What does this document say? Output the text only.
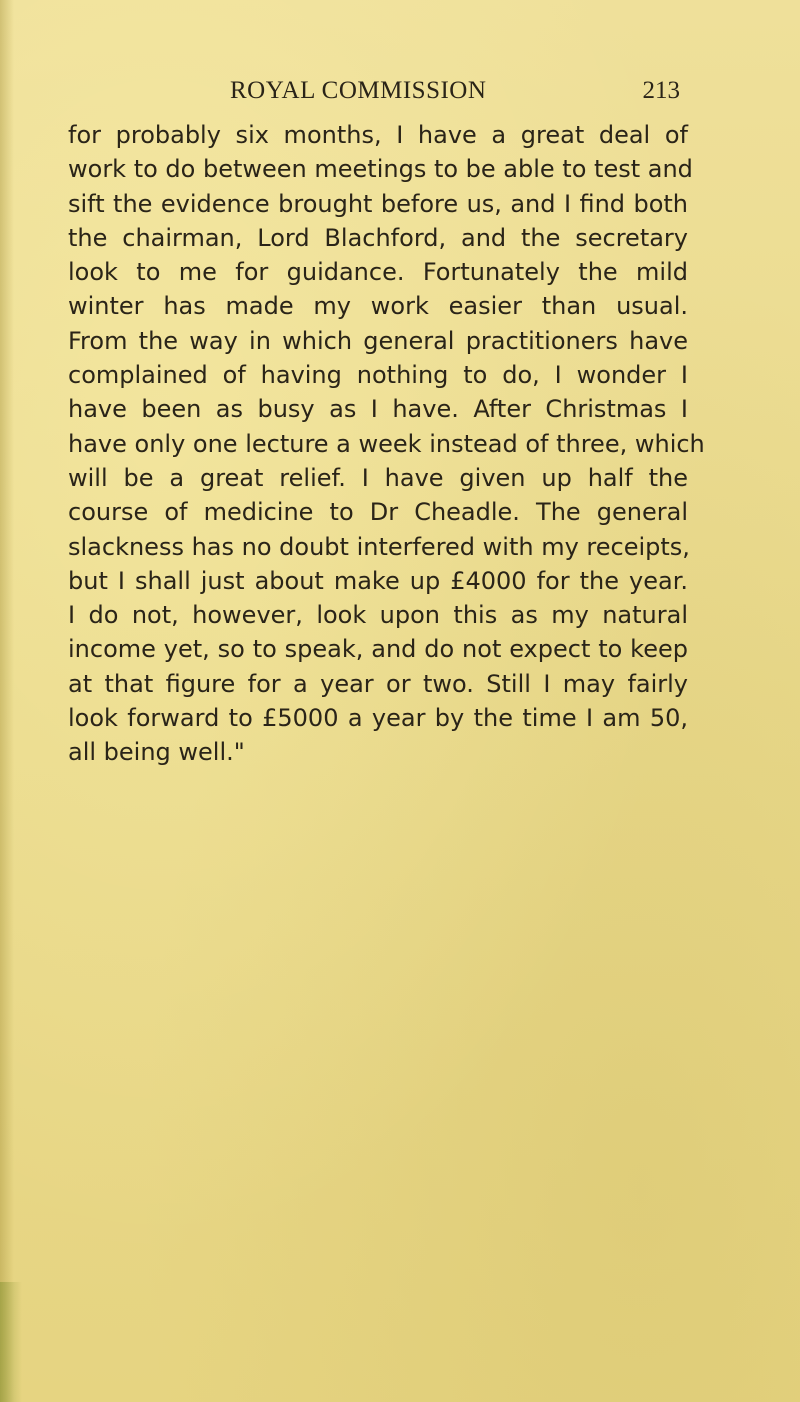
ROYAL COMMISSION	213
for probably six months, I have a great deal of
work to do between meetings to be able to test and
sift the evidence brought before us, and I find both
the chairman, Lord Blachford, and the secretary
look to me for guidance. Fortunately the mild
winter has made my work easier than usual.
From the way in which general practitioners have
complained of having nothing to do, I wonder I
have been as busy as I have. After Christmas I
have only one lecture a week instead of three, which
will be a great relief. I have given up half the
course of medicine to Dr Cheadle. The general
slackness has no doubt interfered with my receipts,
but I shall just about make up £4000 for the year.
I do not, however, look upon this as my natural
income yet, so to speak, and do not expect to keep
at that figure for a year or two. Still I may fairly
look forward to £5000 a year by the time I am 50,
all being well."
